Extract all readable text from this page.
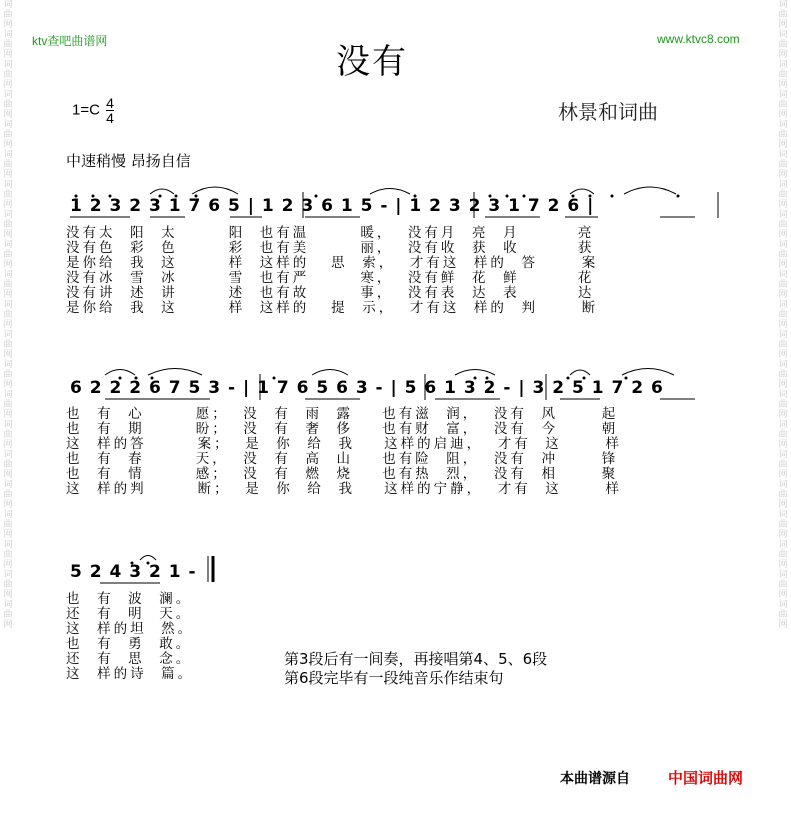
词
曲
网
词
曲
网
词
曲
网
词
曲
网
词
曲
网
词
曲
网
词
曲
网
词
曲
网
词
曲
网
词
曲
网
词
曲
网
词
曲
网
词
曲
网
词
曲
网
词
曲
网
词
曲
网
词
曲
网
词
曲
网
词
曲
网
词
曲
网
词
曲
网
词
曲
网
词
曲
网
词
曲
网
词
曲
网
词
曲
网
词
曲
网
词
曲
网
词
曲
网
词
曲
网
词
曲
网
词
曲
网
词
曲
网
词
曲
网
词
曲
网
词
曲
网
词
曲
网
词
曲
网
词
曲
网
词
曲
网
词
曲
网
词
曲
网
ktv查吧曲谱网	www.ktvc8.com
没有
$1=C \frac{4}{4}$	林景和词曲
中速稍慢 昂扬自信
1 2 3 2 3 1 7 6 5 | 1 2 3 6 1 5 - | 1 2 3 2 3 1 7 2 6 |
没有太  阳  太       阳  也有温       暖，  没有月  亮  月        亮
没有色  彩  色       彩  也有美       丽，  没有收  获  收        获
是你给  我  这       样  这样的   思  索，  才有这  样的  答      案
没有冰  雪  冰       雪  也有严       寒，  没有鲜  花  鲜        花
没有讲  述  讲       述  也有故       事，  没有表  达  表        达
是你给  我  这       样  这样的   提  示，  才有这  样的  判      断
6 2 2 2 6 7 5 3 - | 1 7 6 5 6 3 - | 5 6 1 3 2 - | 3 2 5 1 7 2 6
也  有  心       愿；  没  有  雨  露    也有滋  润，  没有  风      起
也  有  期       盼；  没  有  奢  侈    也有财  富，  没有  今      朝
这  样的答       案；  是  你  给  我    这样的启迪，  才有  这      样
也  有  春       天，  没  有  高  山    也有险  阻，  没有  冲      锋
也  有  情       感；  没  有  燃  烧    也有热  烈，  没有  相      聚
这  样的判       断；  是  你  给  我    这样的宁静，  才有  这      样
5 2 4 3 2 1 -
也  有  波  澜。
还  有  明  天。
这  样的坦  然。
也  有  勇  敢。
还  有  思  念。
这  样的诗  篇。
第3段后有一间奏，再接唱第4、5、6段
第6段完毕有一段纯音乐作结束句
本曲谱源自	中国词曲网
